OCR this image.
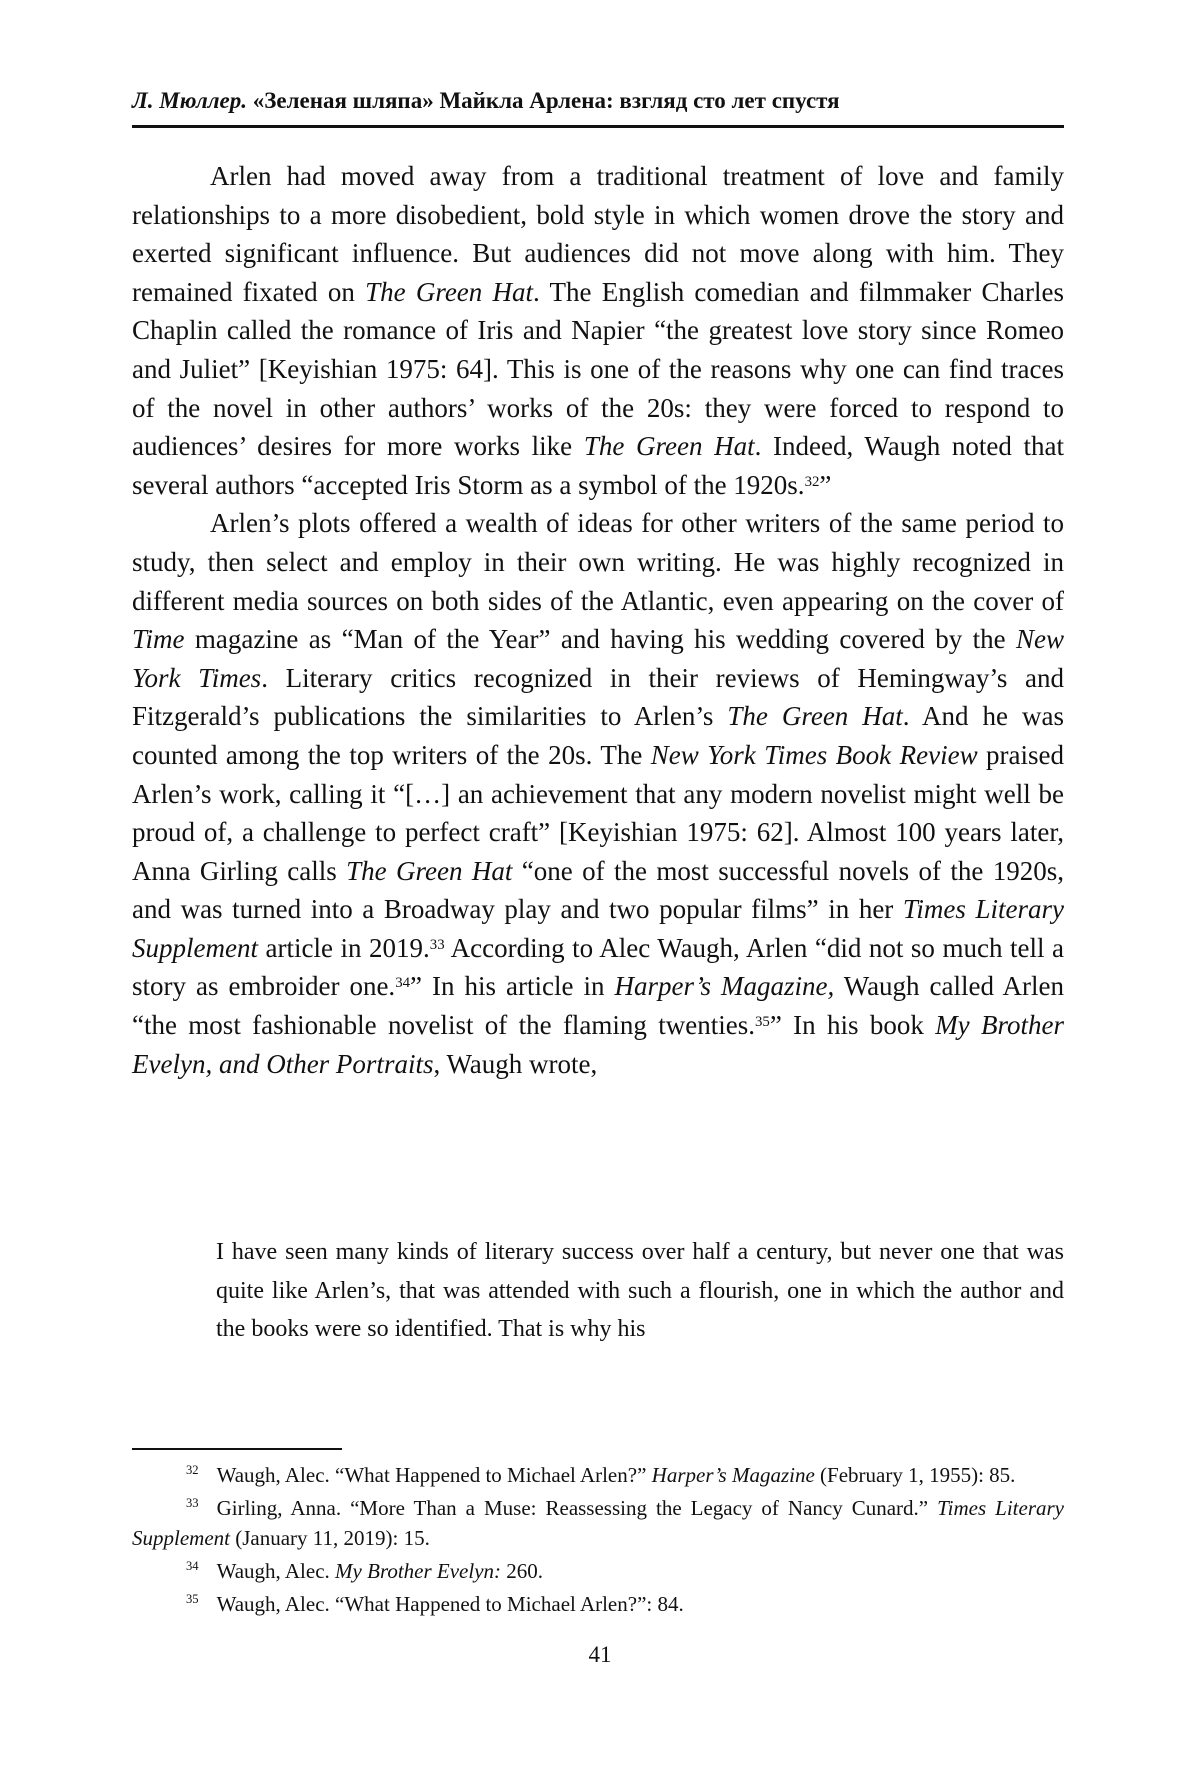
Л. Мюллер. «Зеленая шляпа» Майкла Арлена: взгляд сто лет спустя

Arlen had moved away from a traditional treatment of love and family relationships to a more disobedient, bold style in which women drove the story and exerted significant influence. But audiences did not move along with him. They remained fixated on The Green Hat. The English comedian and filmmaker Charles Chaplin called the romance of Iris and Napier “the greatest love story since Romeo and Juliet” [Keyishian 1975: 64]. This is one of the reasons why one can find traces of the novel in other authors’ works of the 20s: they were forced to respond to audiences’ desires for more works like The Green Hat. Indeed, Waugh noted that several authors “accepted Iris Storm as a symbol of the 1920s.$^{32}$”

Arlen’s plots offered a wealth of ideas for other writers of the same period to study, then select and employ in their own writing. He was highly recognized in different media sources on both sides of the Atlantic, even appearing on the cover of Time magazine as “Man of the Year” and having his wedding covered by the New York Times. Literary critics recognized in their reviews of Hemingway’s and Fitzgerald’s publications the similarities to Arlen’s The Green Hat. And he was counted among the top writers of the 20s. The New York Times Book Review praised Arlen’s work, calling it “[…] an achievement that any modern novelist might well be proud of, a challenge to perfect craft” [Keyishian 1975: 62]. Almost 100 years later, Anna Girling calls The Green Hat “one of the most successful novels of the 1920s, and was turned into a Broadway play and two popular films” in her Times Literary Supplement article in 2019.33 According to Alec Waugh, Arlen “did not so much tell a story as embroider one.$^{34}$” In his article in Harper’s Magazine, Waugh called Arlen “the most fashionable novelist of the flaming twenties.$^{35}$” In his book My Brother Evelyn, and Other Portraits, Waugh wrote,

I have seen many kinds of literary success over half a century, but never one that was quite like Arlen’s, that was attended with such a flourish, one in which the author and the books were so identified. That is why his

$^{32}$ Waugh, Alec. “What Happened to Michael Arlen?” Harper’s Magazine (February 1, 1955): 85.

$^{33}$ Girling, Anna. “More Than a Muse: Reassessing the Legacy of Nancy Cunard.” Times Literary Supplement (January 11, 2019): 15.

$^{34}$ Waugh, Alec. My Brother Evelyn: 260.

$^{35}$ Waugh, Alec. “What Happened to Michael Arlen?”: 84.

41
